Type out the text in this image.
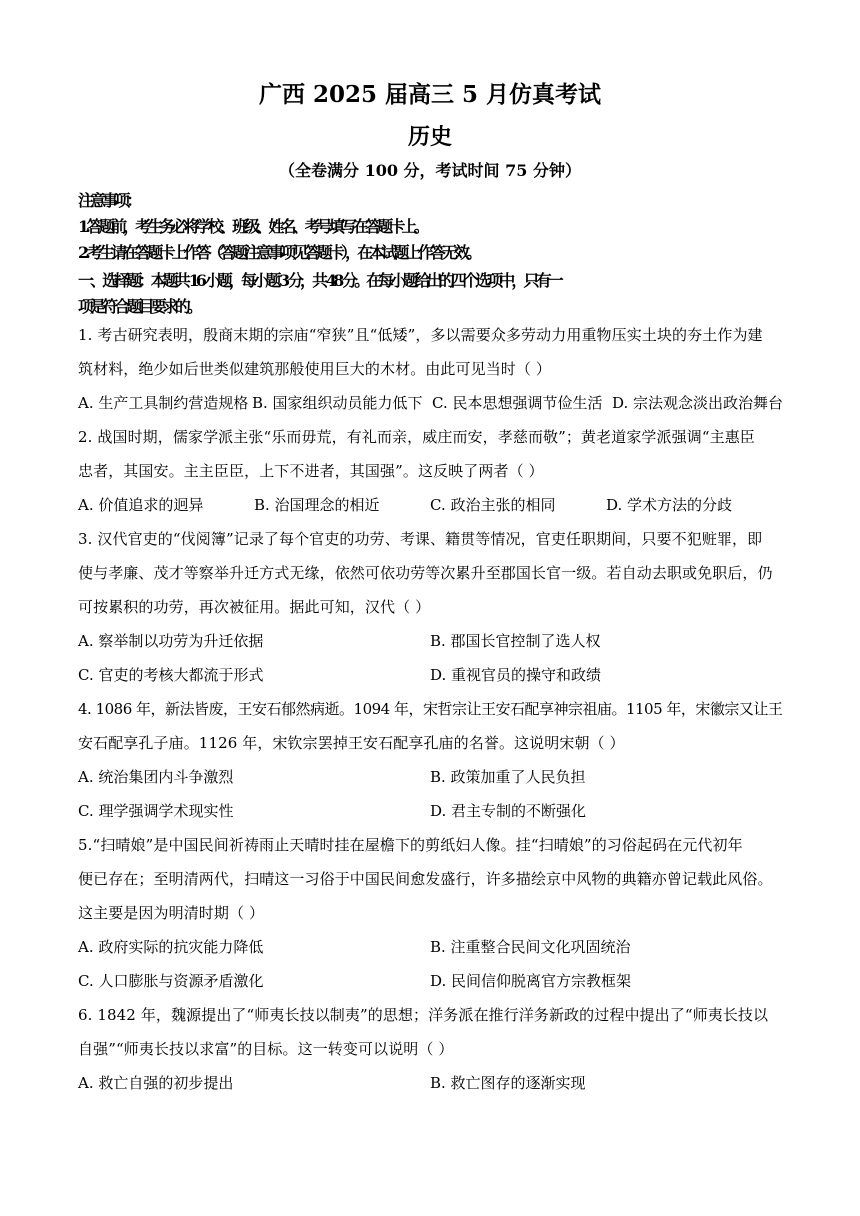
广西 2025 届高三 5 月仿真考试
历史
（全卷满分 100 分，考试时间 75 分钟）
注意事项：
1.答题前，考生务必将学校、班级、姓名、考号填写在答题卡上。
2.考生请在答题卡上作答（答题注意事项见答题卡），在本试题上作答无效。
一、选择题：本题共 16 小题，每小题 3 分，共 48 分。在每小题给出的四个选项中，只有一
项是符合题目要求的。
1. 考古研究表明，殷商末期的宗庙“窄狭”且“低矮”，多以需要众多劳动力用重物压实土块的夯土作为建
筑材料，绝少如后世类似建筑那般使用巨大的木材。由此可见当时（ ）
A. 生产工具制约营造规格 B. 国家组织动员能力低下 C. 民本思想强调节俭生活 D. 宗法观念淡出政治舞台
2. 战国时期，儒家学派主张“乐而毋荒，有礼而亲，威庄而安，孝慈而敬”；黄老道家学派强调“主惠臣
忠者，其国安。主主臣臣，上下不进者，其国强”。这反映了两者（ ）
A. 价值追求的迥异	B. 治国理念的相近	C. 政治主张的相同	D. 学术方法的分歧
3. 汉代官吏的“伐阅簿”记录了每个官吏的功劳、考课、籍贯等情况，官吏任职期间，只要不犯赃罪，即
使与孝廉、茂才等察举升迁方式无缘，依然可依功劳等次累升至郡国长官一级。若自动去职或免职后，仍
可按累积的功劳，再次被征用。据此可知，汉代（ ）
A. 察举制以功劳为升迁依据	B. 郡国长官控制了选人权
C. 官吏的考核大都流于形式	D. 重视官员的操守和政绩
4. 1086 年，新法皆废，王安石郁然病逝。1094 年，宋哲宗让王安石配享神宗祖庙。1105 年，宋徽宗又让王
安石配享孔子庙。1126 年，宋钦宗罢掉王安石配享孔庙的名誉。这说明宋朝（ ）
A. 统治集团内斗争激烈	B. 政策加重了人民负担
C. 理学强调学术现实性	D. 君主专制的不断强化
5.“扫晴娘”是中国民间祈祷雨止天晴时挂在屋檐下的剪纸妇人像。挂“扫晴娘”的习俗起码在元代初年
便已存在；至明清两代，扫晴这一习俗于中国民间愈发盛行，许多描绘京中风物的典籍亦曾记载此风俗。
这主要是因为明清时期（ ）
A. 政府实际的抗灾能力降低	B. 注重整合民间文化巩固统治
C. 人口膨胀与资源矛盾激化	D. 民间信仰脱离官方宗教框架
6. 1842 年，魏源提出了“师夷长技以制夷”的思想；洋务派在推行洋务新政的过程中提出了“师夷长技以
自强”“师夷长技以求富”的目标。这一转变可以说明（ ）
A. 救亡自强的初步提出	B. 救亡图存的逐渐实现
